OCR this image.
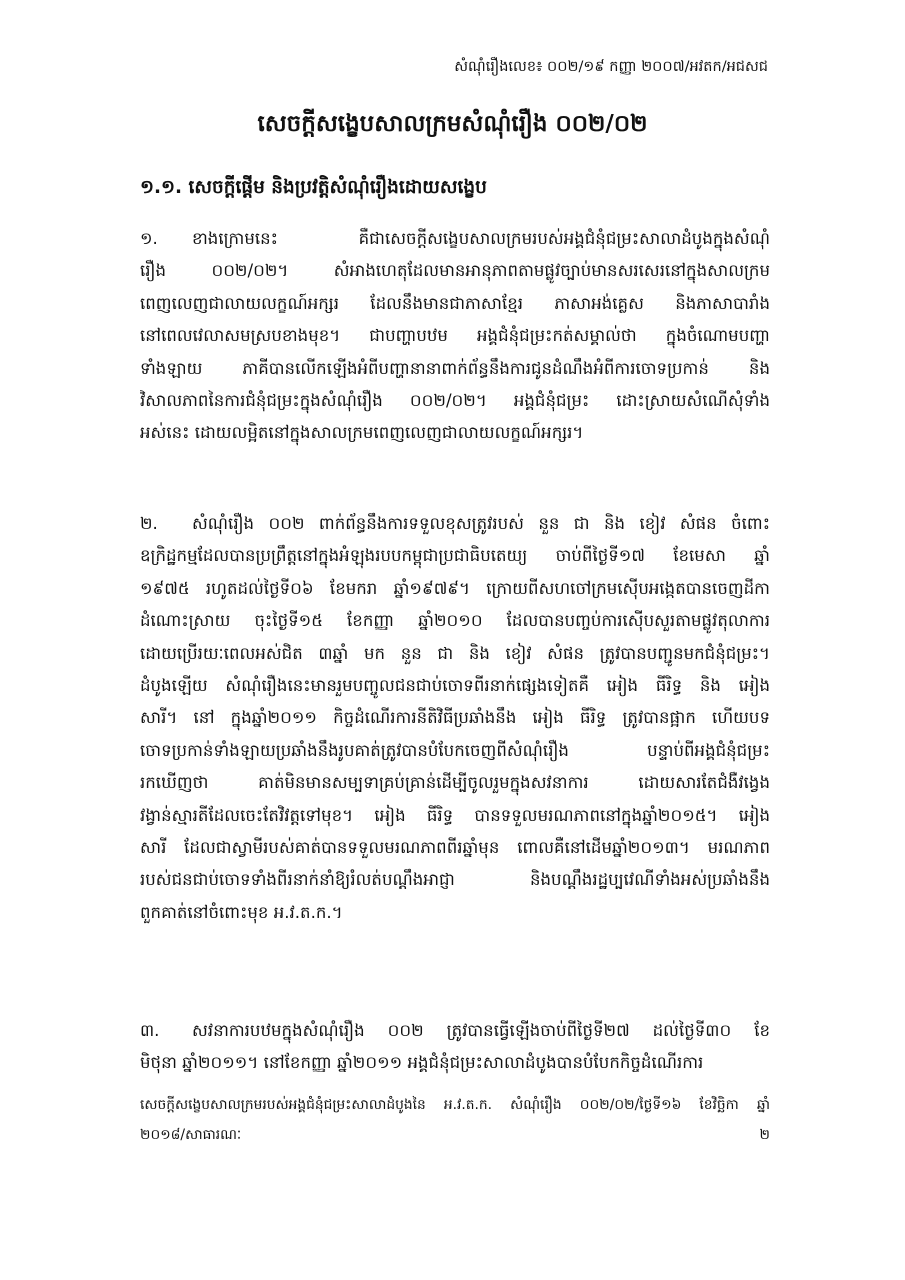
សំណុំរឿងលេខ៖ ០០២/១៩ កញ្ញា ២០០៧/អវតក/អជសជ
សេចក្ដីសង្ខេបសាលក្រមសំណុំរឿង ០០២/០២
១.១. សេចក្ដីផ្ដើម និងប្រវត្តិសំណុំរឿងដោយសង្ខេប
១. ខាងក្រោមនេះ គឺជាសេចក្ដីសង្ខេបសាលក្រមរបស់អង្គជំនុំជម្រះសាលាដំបូងក្នុងសំណុំ
រឿង ០០២/០២។ សំអាងហេតុដែលមានអានុភាពតាមផ្លូវច្បាប់មានសរសេរនៅក្នុងសាលក្រម
ពេញលេញជាលាយលក្ខណ៍អក្សរ ដែលនឹងមានជាភាសាខ្មែរ ភាសាអង់គ្លេស និងភាសាបារាំង
នៅពេលវេលាសមស្របខាងមុខ។ ជាបញ្ហាបឋម អង្គជំនុំជម្រះកត់សម្គាល់ថា ក្នុងចំណោមបញ្ហា
ទាំងឡាយ ភាគីបានលើកឡើងអំពីបញ្ហានានាពាក់ព័ន្ធនឹងការជូនដំណឹងអំពីការចោទប្រកាន់ និង
វិសាលភាពនៃការជំនុំជម្រះក្នុងសំណុំរឿង ០០២/០២។ អង្គជំនុំជម្រះ ដោះស្រាយសំណើសុំទាំង
អស់នេះ ដោយលម្អិតនៅក្នុងសាលក្រមពេញលេញជាលាយលក្ខណ៍អក្សរ។
២. សំណុំរឿង ០០២ ពាក់ព័ន្ធនឹងការទទួលខុសត្រូវរបស់ នួន ជា និង ខៀវ សំផន ចំពោះ
ឧក្រិដ្ឋកម្មដែលបានប្រព្រឹត្តនៅក្នុងអំឡុងរបបកម្ពុជាប្រជាធិបតេយ្យ ចាប់ពីថ្ងៃទី១៧ ខែមេសា ឆ្នាំ
១៩៧៥ រហូតដល់ថ្ងៃទី០៦ ខែមករា ឆ្នាំ១៩៧៩។ ក្រោយពីសហចៅក្រមស៊ើបអង្កេតបានចេញដីកា
ដំណោះស្រាយ ចុះថ្ងៃទី១៥ ខែកញ្ញា ឆ្នាំ២០១០ ដែលបានបញ្ចប់ការស៊ើបសួរតាមផ្លូវតុលាការ
ដោយប្រើរយៈពេលអស់ជិត ៣ឆ្នាំ មក នួន ជា និង ខៀវ សំផន ត្រូវបានបញ្ជូនមកជំនុំជម្រះ។
ដំបូងឡើយ សំណុំរឿងនេះមានរួមបញ្ចូលជនជាប់ចោទពីរនាក់ផ្សេងទៀតគឺ អៀង ធីរិទ្ធ និង អៀង
សារី។ នៅ ក្នុងឆ្នាំ២០១១ កិច្ចដំណើរការនីតិវិធីប្រឆាំងនឹង អៀង ធីរិទ្ធ ត្រូវបានផ្អាក ហើយបទ
ចោទប្រកាន់ទាំងឡាយប្រឆាំងនឹងរូបគាត់ត្រូវបានបំបែកចេញពីសំណុំរឿង បន្ទាប់ពីអង្គជំនុំជម្រះ
រកឃើញថា គាត់មិនមានសម្បទាគ្រប់គ្រាន់ដើម្បីចូលរួមក្នុងសវនាការ ដោយសារតែជំងឺវង្វេង
វង្វាន់ស្មារតីដែលចេះតែវិវត្តទៅមុខ។ អៀង ធីរិទ្ធ បានទទួលមរណភាពនៅក្នុងឆ្នាំ២០១៥។ អៀង
សារី ដែលជាស្វាមីរបស់គាត់បានទទួលមរណភាពពីរឆ្នាំមុន ពោលគឺនៅដើមឆ្នាំ២០១៣។ មរណភាព
របស់ជនជាប់ចោទទាំងពីរនាក់នាំឱ្យរំលត់បណ្ដឹងអាជ្ញា និងបណ្ដឹងរដ្ឋប្បវេណីទាំងអស់ប្រឆាំងនឹង
ពួកគាត់នៅចំពោះមុខ អ.វ.ត.ក.។
៣. សវនាការបឋមក្នុងសំណុំរឿង ០០២ ត្រូវបានធ្វើឡើងចាប់ពីថ្ងៃទី២៧ ដល់ថ្ងៃទី៣០ ខែ
មិថុនា ឆ្នាំ២០១១។ នៅខែកញ្ញា ឆ្នាំ២០១១ អង្គជំនុំជម្រះសាលាដំបូងបានបំបែកកិច្ចដំណើរការ
សេចក្ដីសង្ខេបសាលក្រមរបស់អង្គជំនុំជម្រះសាលាដំបូងនៃ អ.វ.ត.ក. សំណុំរឿង ០០២/០២/ថ្ងៃទី១៦ ខែវិច្ឆិកា ឆ្នាំ
២០១៨/សាធារណៈ	២
